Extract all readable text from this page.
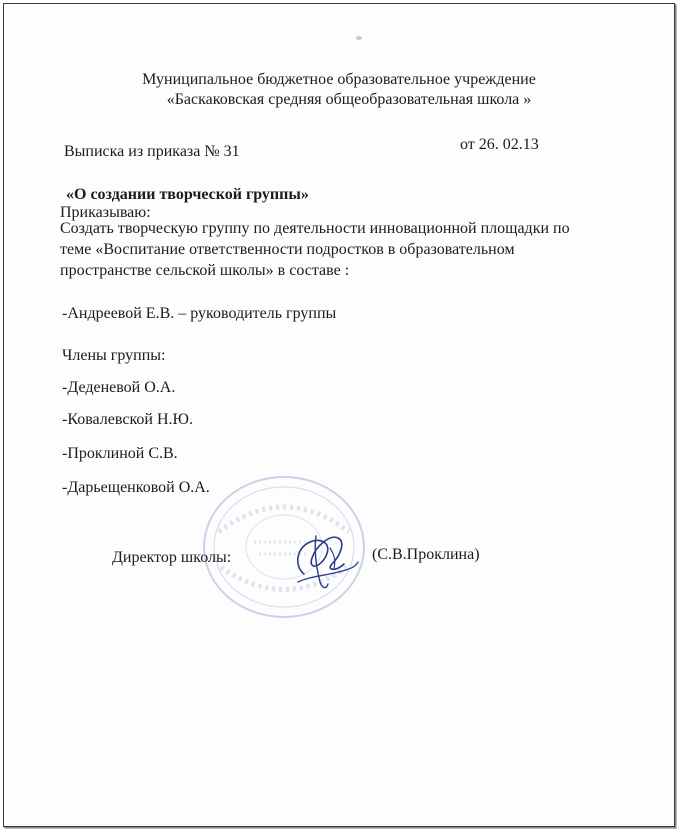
Муниципальное бюджетное образовательное учреждение
«Баскаковская средняя общеобразовательная школа »
Выписка из приказа № 31	от 26. 02.13
«О создании творческой группы»
Приказываю:
Создать творческую группу по деятельности инновационной площадки по
теме «Воспитание ответственности подростков в образовательном
пространстве сельской школы» в составе :
-Андреевой Е.В. – руководитель группы
Члены группы:
-Деденевой О.А.
-Ковалевской Н.Ю.
-Проклиной С.В.
-Дарьещенковой О.А.
Директор школы:	(С.В.Проклина)
